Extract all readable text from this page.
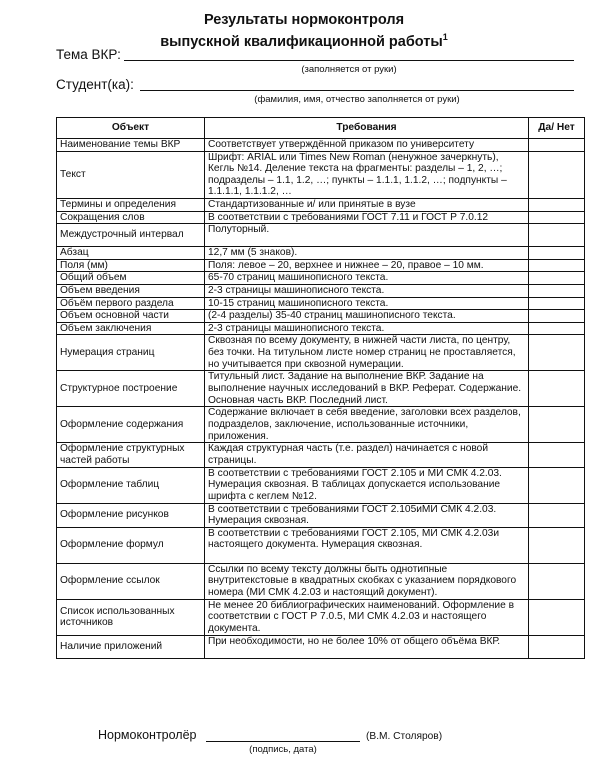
Результаты нормоконтроля
выпускной квалификационной работы$^1$
Тема ВКР:
(заполняется от руки)
Студент(ка):
(фамилия, имя, отчество заполняется от руки)
Объект	Требования	Да/ Нет
Наименование темы ВКР	Соответствует утверждённой приказом по университету	
Текст	Шрифт: ARIAL или Times New Roman (ненужное зачеркнуть), Кегль №14. Деление текста на фрагменты: разделы – 1, 2, …; подразделы – 1.1, 1.2, …; пункты – 1.1.1, 1.1.2, …; подпункты – 1.1.1.1, 1.1.1.2, …	
Термины и определения	Стандартизованные и/ или принятые в вузе	
Сокращения слов	В соответствии с требованиями ГОСТ 7.11 и ГОСТ Р 7.0.12	
Междустрочный интервал	Полуторный.	
Абзац	12,7 мм (5 знаков).	
Поля (мм)	Поля: левое – 20, верхнее и нижнее – 20, правое – 10 мм.	
Общий объем	65-70 страниц машинописного текста.	
Объем введения	2-3 страницы машинописного текста.	
Объём первого раздела	10-15 страниц машинописного текста.	
Объем основной части	(2-4 разделы) 35-40 страниц машинописного текста.	
Объем заключения	2-3 страницы машинописного текста.	
Нумерация страниц	Сквозная по всему документу, в нижней части листа, по центру, без точки. На титульном листе номер страниц не проставляется, но учитывается при сквозной нумерации.	
Структурное построение	Титульный лист. Задание на выполнение ВКР. Задание на выполнение научных исследований в ВКР. Реферат. Содержание. Основная часть ВКР. Последний лист.	
Оформление содержания	Содержание включает в себя введение, заголовки всех разделов, подразделов, заключение, использованные источники, приложения.	
Оформление структурных частей работы	Каждая структурная часть (т.е. раздел) начинается с новой страницы.	
Оформление таблиц	В соответствии с требованиями ГОСТ 2.105 и МИ СМК 4.2.03. Нумерация сквозная. В таблицах допускается использование шрифта с кеглем №12.	
Оформление рисунков	В соответствии с требованиями ГОСТ 2.105иМИ СМК 4.2.03. Нумерация сквозная.	
Оформление формул	В соответствии с требованиями ГОСТ 2.105, МИ СМК 4.2.03и настоящего документа. Нумерация сквозная.	
Оформление ссылок	Ссылки по всему тексту должны быть однотипные внутритекстовые в квадратных скобках с указанием порядкового номера (МИ СМК 4.2.03 и настоящий документ).	
Список использованных источников	Не менее 20 библиографических наименований. Оформление в соответствии с ГОСТ Р 7.0.5, МИ СМК 4.2.03 и настоящего документа.	
Наличие приложений	При необходимости, но не более 10% от общего объёма ВКР.	
Нормоконтролёр	(В.М. Столяров)
(подпись, дата)
